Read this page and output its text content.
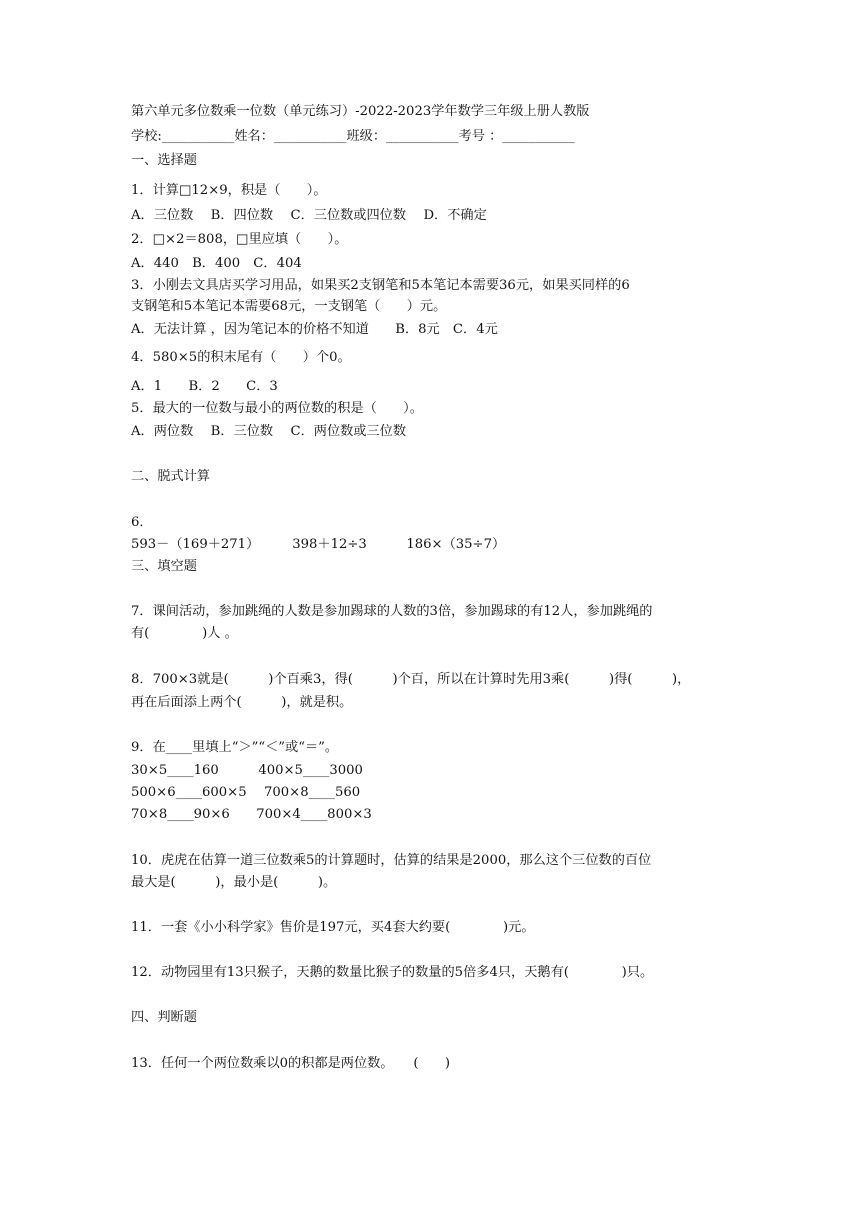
第六单元多位数乘一位数（单元练习）-2022-2023学年数学三年级上册人教版
学校:___________姓名：___________班级：___________考号 ：___________
一、选择题
1．计算□12×9，积是（　　）。
A．三位数　 B．四位数　 C．三位数或四位数　 D．不确定
2．□×2＝808，□里应填（　　）。
A．440　B．400　C．404
3．小刚去文具店买学习用品，如果买2支钢笔和5本笔记本需要36元，如果买同样的6
支钢笔和5本笔记本需要68元，一支钢笔（　　）元。
A．无法计算 ，因为笔记本的价格不知道　　B．8元　C．4元
4．580×5的积末尾有（　　）个0。
A．1　　B．2　　C．3
5．最大的一位数与最小的两位数的积是（　　）。
A．两位数　 B．三位数　 C．两位数或三位数
二、脱式计算
6．
593－（169＋271）　　　398＋12÷3　　　186×（35÷7）
三、填空题
7．课间活动，参加跳绳的人数是参加踢球的人数的3倍，参加踢球的有12人，参加跳绳的
有(　　　　)人 。
8．700×3就是(　　　)个百乘3，得(　　　)个百，所以在计算时先用3乘(　　　)得(　　　)，
再在后面添上两个(　　　)，就是积。
9．在____里填上“＞”“＜”或“＝”。
30×5____160　　　400×5____3000
500×6____600×5　 700×8____560
70×8____90×6　　700×4____800×3
10．虎虎在估算一道三位数乘5的计算题时，估算的结果是2000，那么这个三位数的百位
最大是(　　　)，最小是(　　　)。
11．一套《小小科学家》售价是197元，买4套大约要(　　　　)元。
12．动物园里有13只猴子，天鹅的数量比猴子的数量的5倍多4只，天鹅有(　　　　)只。
四、判断题
13．任何一个两位数乘以0的积都是两位数。　　(　　)
